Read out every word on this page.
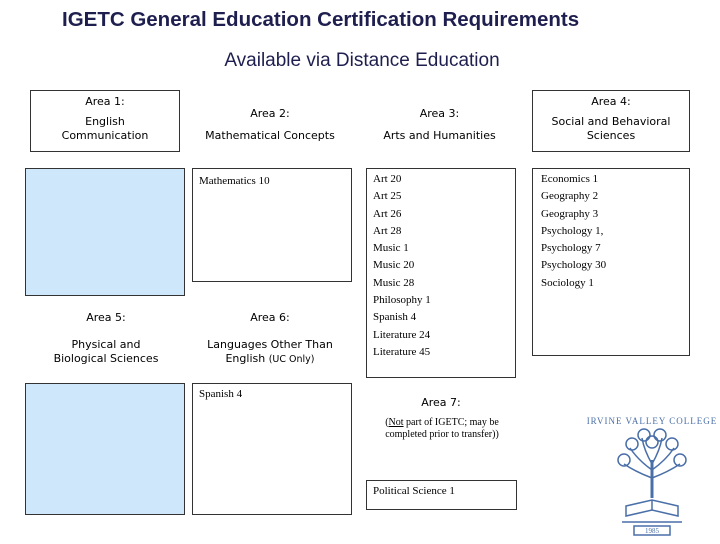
IGETC General Education Certification Requirements
Available via Distance Education
Area 1:
English Communication
Area 2:
Mathematical Concepts
Mathematics 10
Area 3:
Arts and Humanities
Art 20
Art 25
Art 26
Art 28
Music 1
Music 20
Music 28
Philosophy 1
Spanish 4
Literature 24
Literature 45
Area 4:
Social and Behavioral Sciences
Economics 1
Geography 2
Geography 3
Psychology 1,
Psychology 7
Psychology 30
Sociology 1
Area 5:
Physical and Biological Sciences
Area 6:
Languages Other Than English (UC Only)
Spanish 4
Area 7:
(Not part of IGETC; may be completed prior to transfer))
Political Science 1
IRVINE VALLEY COLLEGE
1985
